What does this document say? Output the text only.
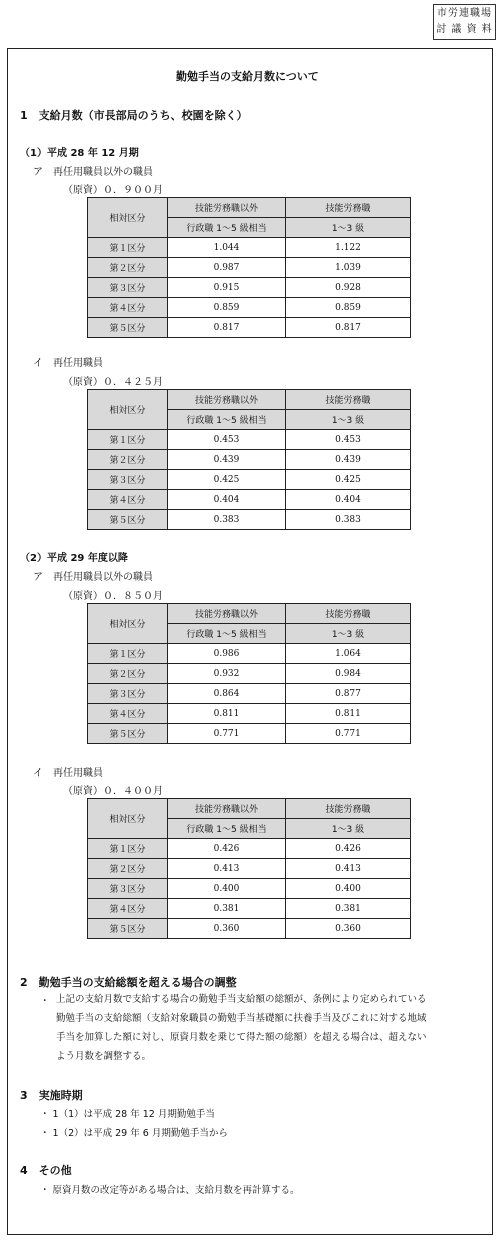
市労連職場
討 議 資 料
勤勉手当の支給月数について
1　支給月数（市長部局のうち、校園を除く）
（1）平成 28 年 12 月期
ア　再任用職員以外の職員
（原資）０．９００月
相対区分	技能労務職以外	技能労務職
	行政職 1～5 級相当	1～3 級
第１区分	1.044	1.122
第２区分	0.987	1.039
第３区分	0.915	0.928
第４区分	0.859	0.859
第５区分	0.817	0.817
イ　再任用職員
（原資）０．４２５月
相対区分	技能労務職以外	技能労務職
	行政職 1～5 級相当	1～3 級
第１区分	0.453	0.453
第２区分	0.439	0.439
第３区分	0.425	0.425
第４区分	0.404	0.404
第５区分	0.383	0.383
（2）平成 29 年度以降
ア　再任用職員以外の職員
（原資）０．８５０月
相対区分	技能労務職以外	技能労務職
	行政職 1～5 級相当	1～3 級
第１区分	0.986	1.064
第２区分	0.932	0.984
第３区分	0.864	0.877
第４区分	0.811	0.811
第５区分	0.771	0.771
イ　再任用職員
（原資）０．４００月
相対区分	技能労務職以外	技能労務職
	行政職 1～5 級相当	1～3 級
第１区分	0.426	0.426
第２区分	0.413	0.413
第３区分	0.400	0.400
第４区分	0.381	0.381
第５区分	0.360	0.360
2　勤勉手当の支給総額を超える場合の調整
・ 上記の支給月数で支給する場合の勤勉手当支給額の総額が、条例により定められている
勤勉手当の支給総額（支給対象職員の勤勉手当基礎額に扶養手当及びこれに対する地域
手当を加算した額に対し、原資月数を乗じて得た額の総額）を超える場合は、超えない
よう月数を調整する。
3　実施時期
・ 1（1）は平成 28 年 12 月期勤勉手当
・ 1（2）は平成 29 年 6 月期勤勉手当から
4　その他
・ 原資月数の改定等がある場合は、支給月数を再計算する。
